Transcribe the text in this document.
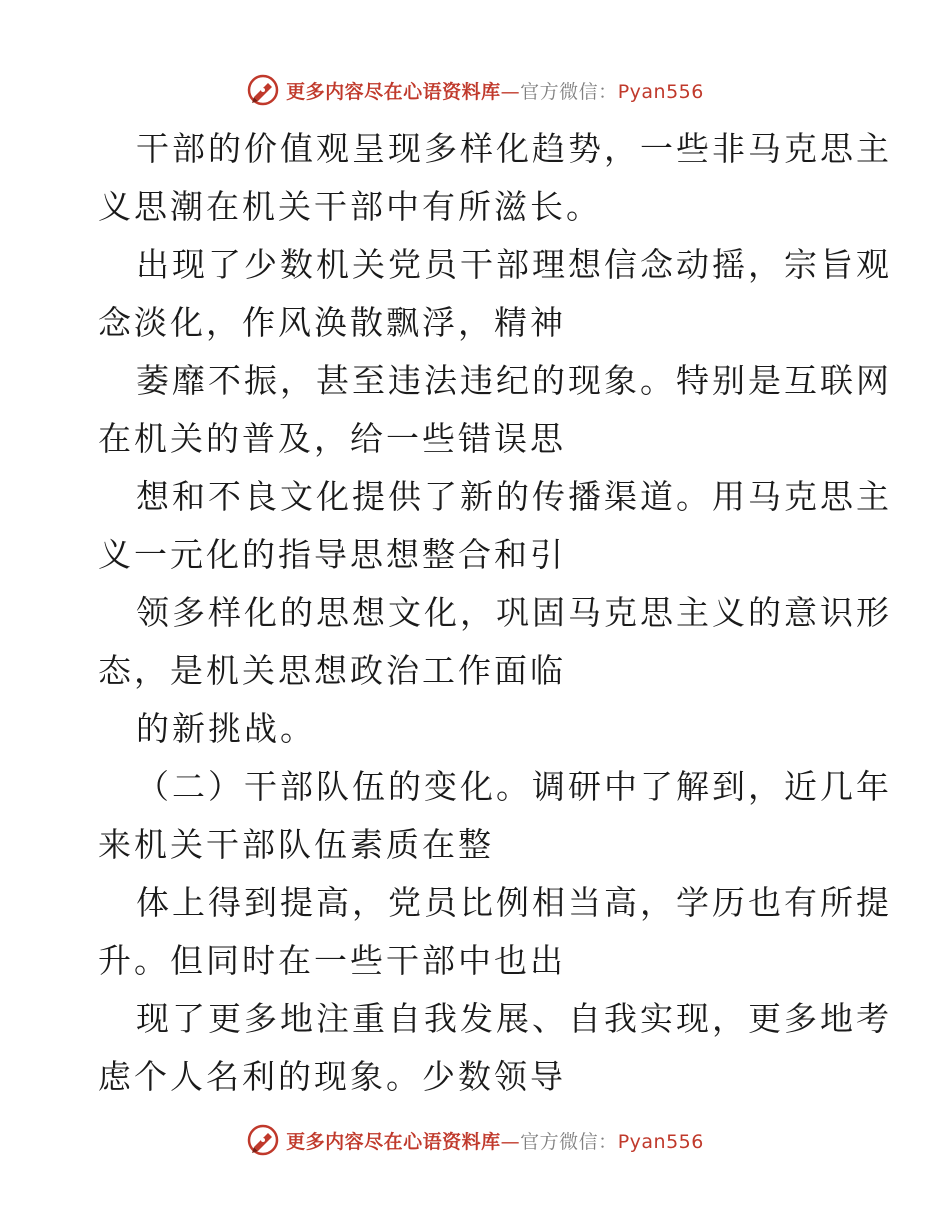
更多内容尽在心语资料库—官方微信：Pyan556
干部的价值观呈现多样化趋势，一些非马克思主
义思潮在机关干部中有所滋长。
出现了少数机关党员干部理想信念动摇，宗旨观
念淡化，作风涣散飘浮，精神
萎靡不振，甚至违法违纪的现象。特别是互联网
在机关的普及，给一些错误思
想和不良文化提供了新的传播渠道。用马克思主
义一元化的指导思想整合和引
领多样化的思想文化，巩固马克思主义的意识形
态，是机关思想政治工作面临
的新挑战。
（二）干部队伍的变化。调研中了解到，近几年
来机关干部队伍素质在整
体上得到提高，党员比例相当高，学历也有所提
升。但同时在一些干部中也出
现了更多地注重自我发展、自我实现，更多地考
虑个人名利的现象。少数领导
更多内容尽在心语资料库—官方微信：Pyan556
